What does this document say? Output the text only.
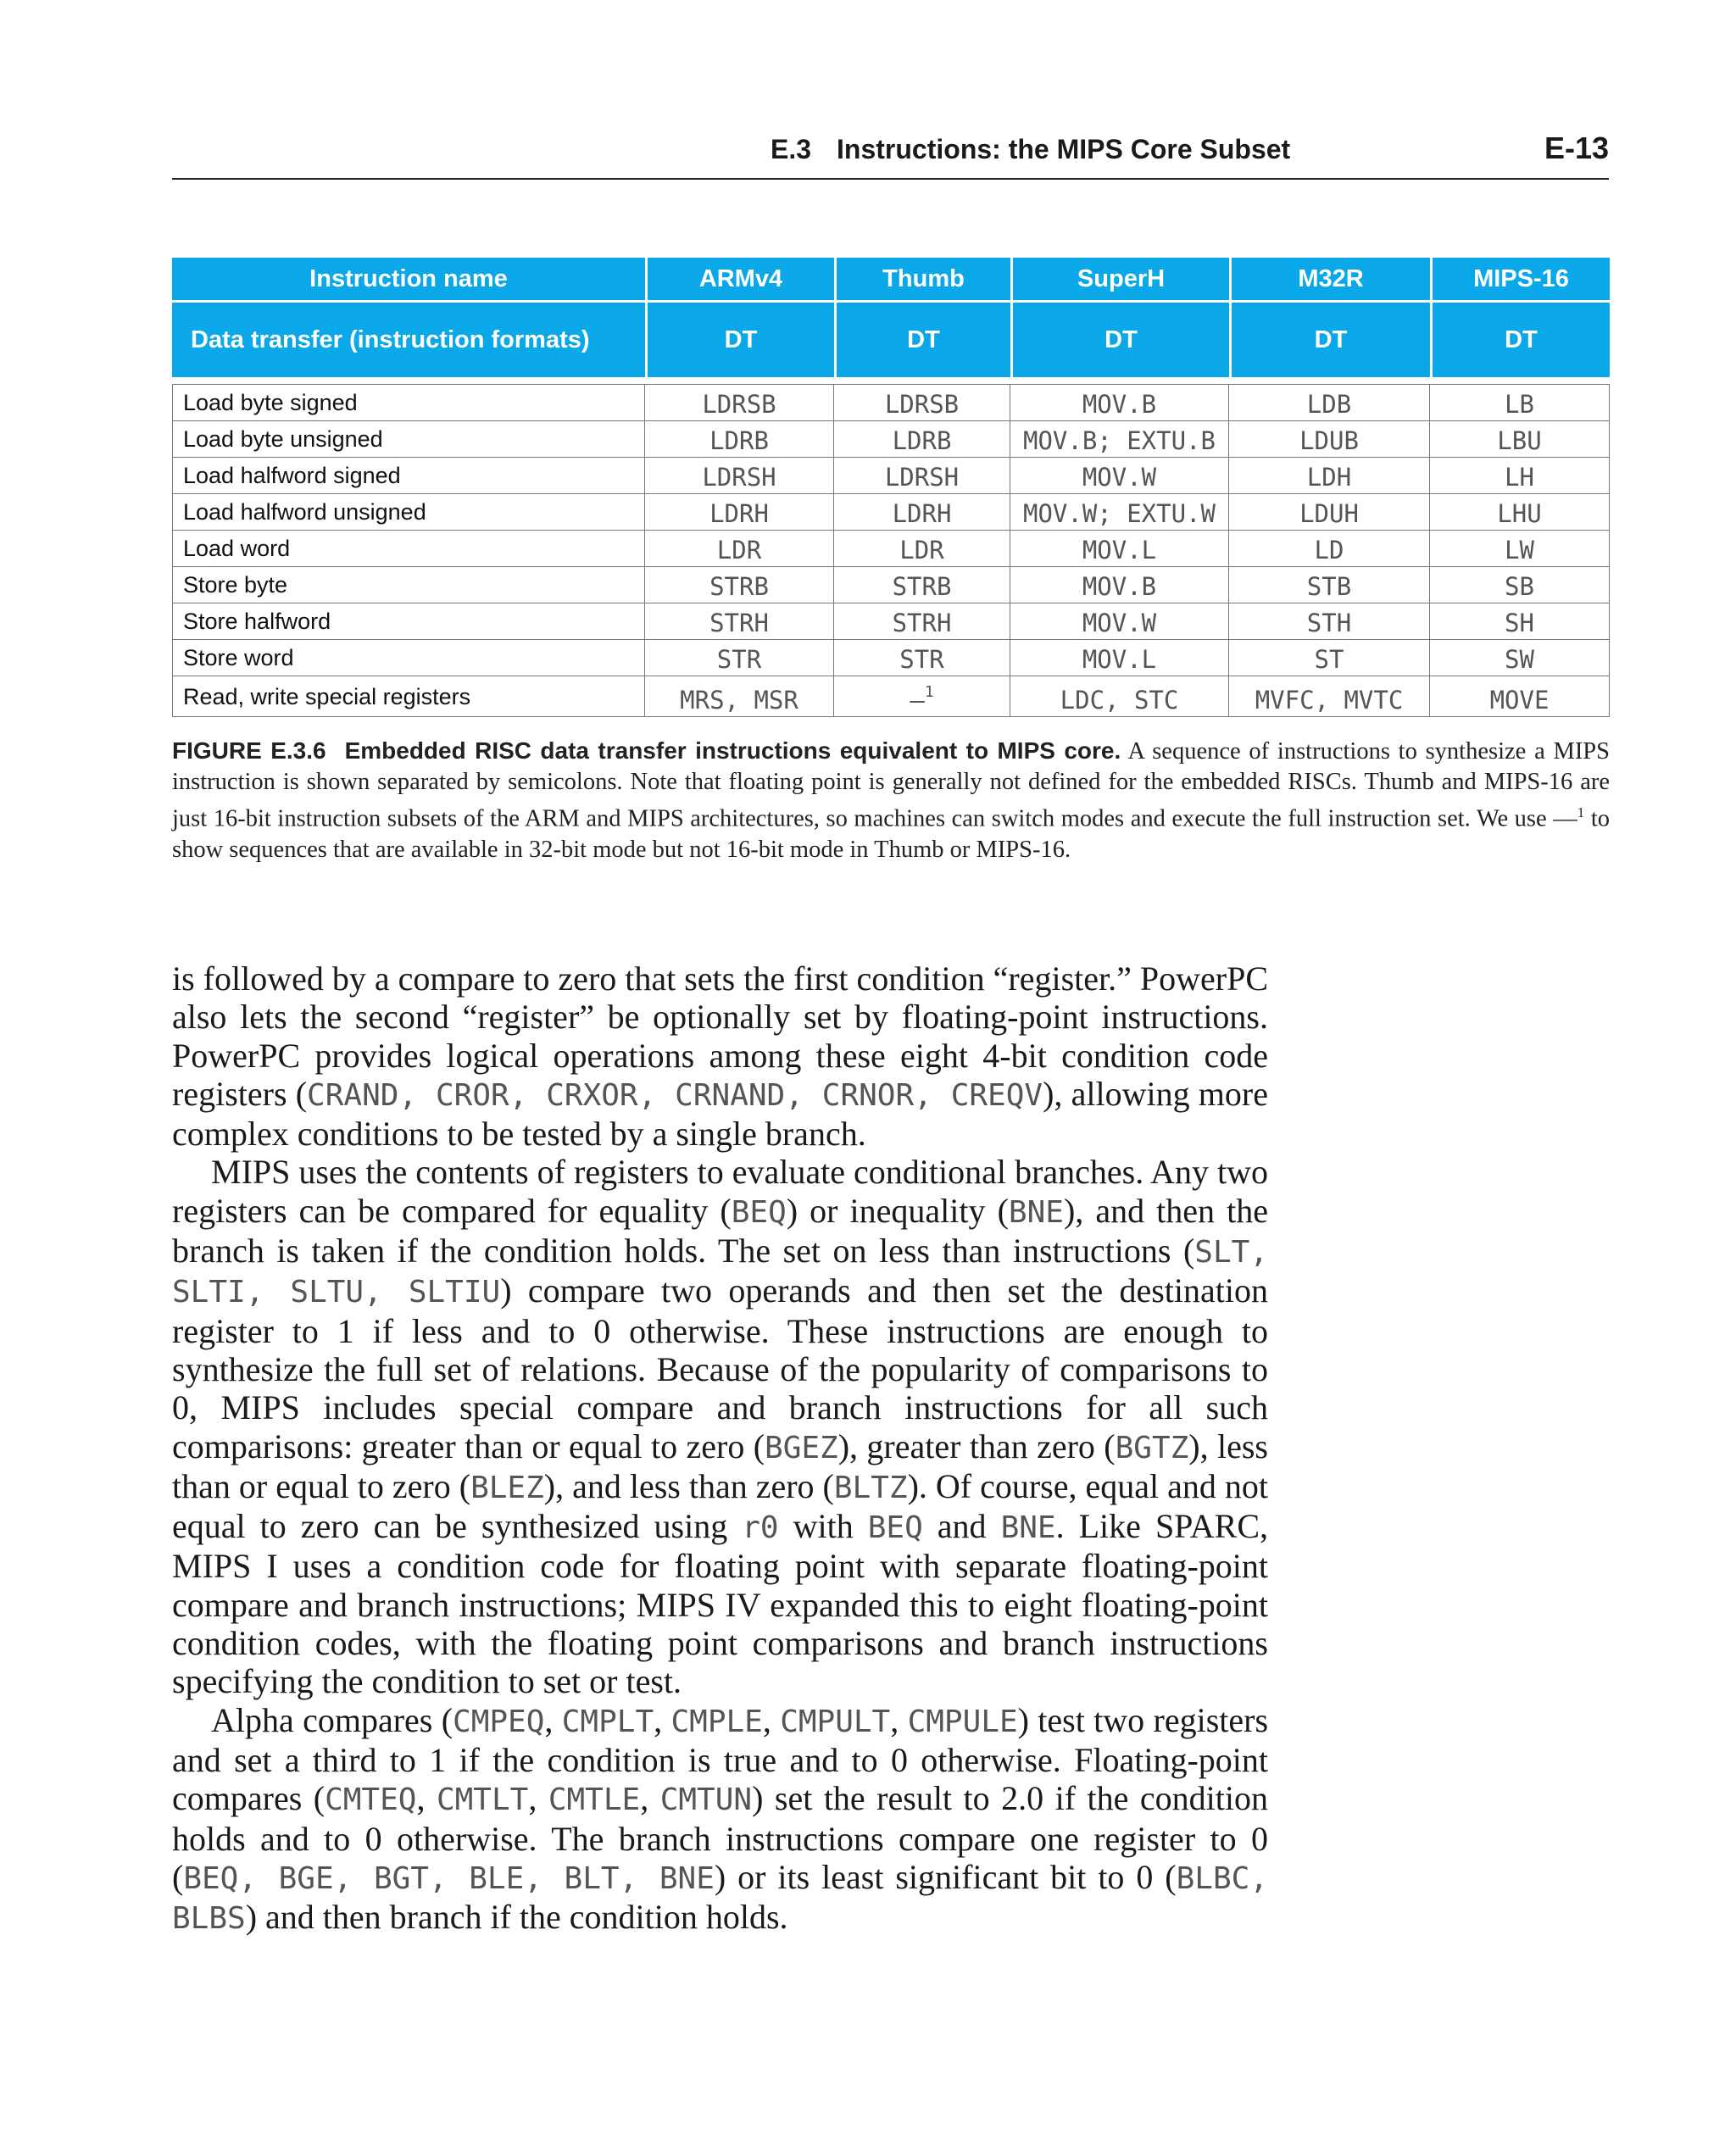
E.3 Instructions: the MIPS Core Subset	E-13
Instruction name	ARMv4	Thumb	SuperH	M32R	MIPS-16
Data transfer (instruction formats)	DT	DT	DT	DT	DT

Load byte signed	LDRSB	LDRSB	MOV.B	LDB	LB
Load byte unsigned	LDRB	LDRB	MOV.B; EXTU.B	LDUB	LBU
Load halfword signed	LDRSH	LDRSH	MOV.W	LDH	LH
Load halfword unsigned	LDRH	LDRH	MOV.W; EXTU.W	LDUH	LHU
Load word	LDR	LDR	MOV.L	LD	LW
Store byte	STRB	STRB	MOV.B	STB	SB
Store halfword	STRH	STRH	MOV.W	STH	SH
Store word	STR	STR	MOV.L	ST	SW
Read, write special registers	MRS, MSR	—$^1$	LDC, STC	MVFC, MVTC	MOVE
FIGURE E.3.6 Embedded RISC data transfer instructions equivalent to MIPS core. A sequence of instructions to synthesize a MIPS instruction is shown separated by semicolons. Note that floating point is generally not defined for the embedded RISCs. Thumb and MIPS-16 are just 16-bit instruction subsets of the ARM and MIPS architectures, so machines can switch modes and execute the full instruction set. We use —$^1$ to show sequences that are available in 32-bit mode but not 16-bit mode in Thumb or MIPS-16.

is followed by a compare to zero that sets the first condition “register.” PowerPC also lets the second “register” be optionally set by floating-point instructions. PowerPC provides logical operations among these eight 4-bit condition code registers (CRAND, CROR, CRXOR, CRNAND, CRNOR, CREQV), allowing more complex conditions to be tested by a single branch.

MIPS uses the contents of registers to evaluate conditional branches. Any two registers can be compared for equality (BEQ) or inequality (BNE), and then the branch is taken if the condition holds. The set on less than instructions (SLT, SLTI, SLTU, SLTIU) compare two operands and then set the destination register to 1 if less and to 0 otherwise. These instructions are enough to synthesize the full set of relations. Because of the popularity of comparisons to 0, MIPS includes special compare and branch instructions for all such comparisons: greater than or equal to zero (BGEZ), greater than zero (BGTZ), less than or equal to zero (BLEZ), and less than zero (BLTZ). Of course, equal and not equal to zero can be synthesized using r0 with BEQ and BNE. Like SPARC, MIPS I uses a condition code for floating point with separate floating-point compare and branch instructions; MIPS IV expanded this to eight floating-point condition codes, with the floating point comparisons and branch instructions specifying the condition to set or test.

Alpha compares (CMPEQ, CMPLT, CMPLE, CMPULT, CMPULE) test two registers and set a third to 1 if the condition is true and to 0 otherwise. Floating-point compares (CMTEQ, CMTLT, CMTLE, CMTUN) set the result to 2.0 if the condition holds and to 0 otherwise. The branch instructions compare one register to 0 (BEQ, BGE, BGT, BLE, BLT, BNE) or its least significant bit to 0 (BLBC, BLBS) and then branch if the condition holds.
